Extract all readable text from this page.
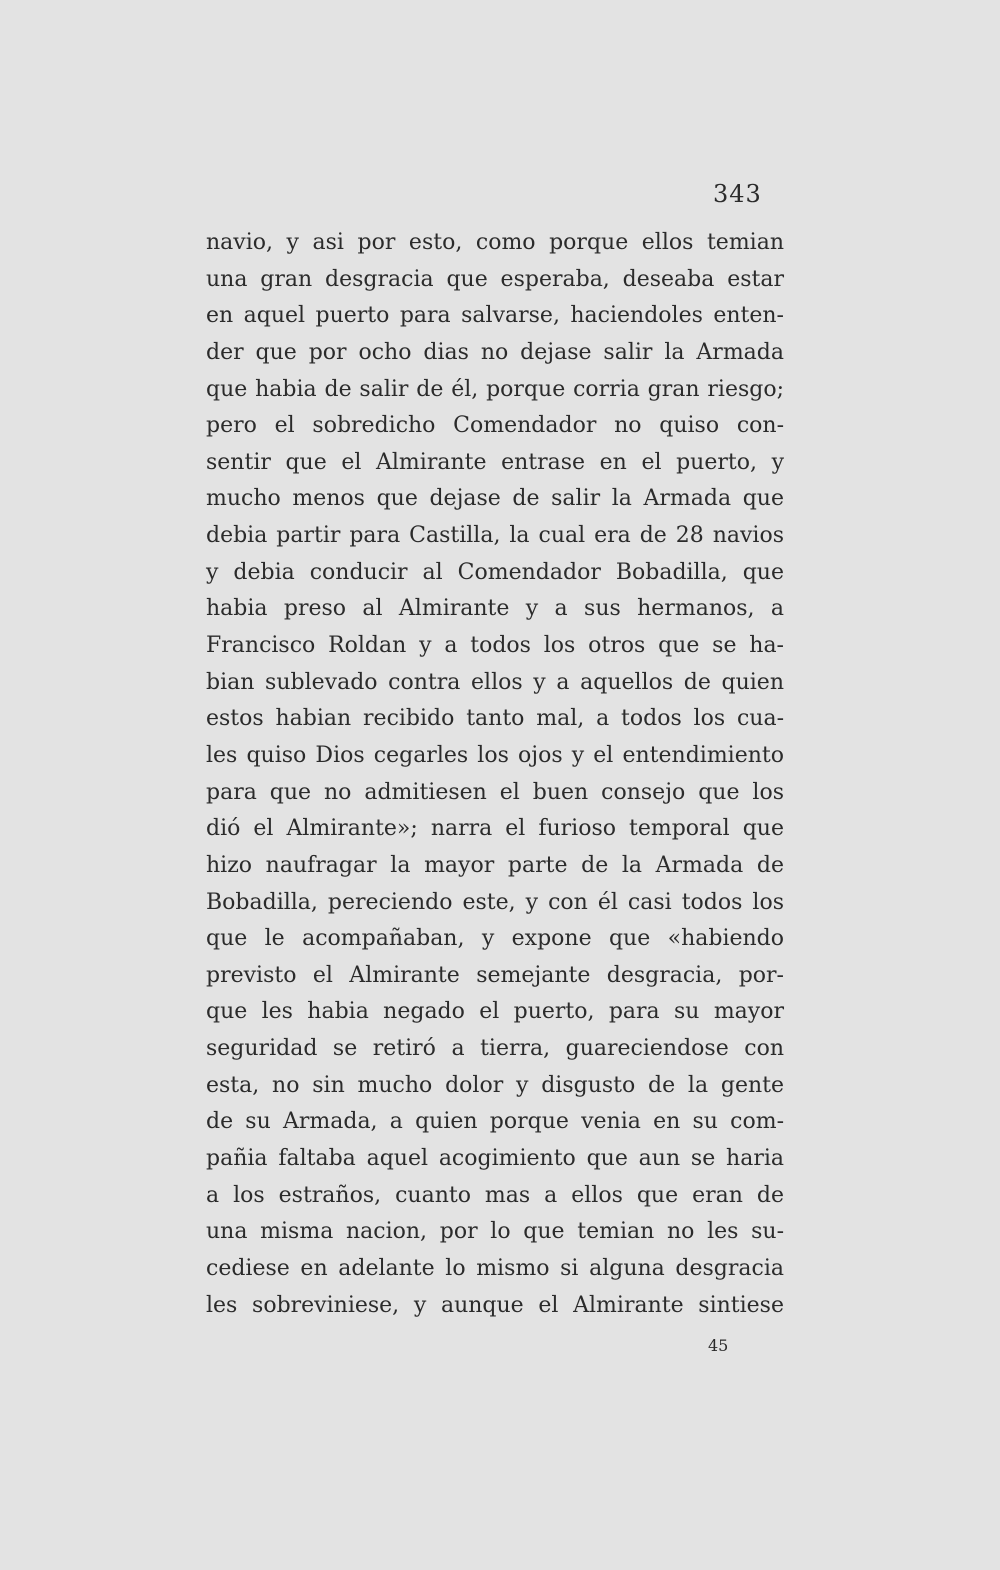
343

navio, y asi por esto, como porque ellos temian
una gran desgracia que esperaba, deseaba estar
en aquel puerto para salvarse, haciendoles enten-
der que por ocho dias no dejase salir la Armada
que habia de salir de él, porque corria gran riesgo;
pero el sobredicho Comendador no quiso con-
sentir que el Almirante entrase en el puerto, y
mucho menos que dejase de salir la Armada que
debia partir para Castilla, la cual era de 28 navios
y debia conducir al Comendador Bobadilla, que
habia preso al Almirante y a sus hermanos, a
Francisco Roldan y a todos los otros que se ha-
bian sublevado contra ellos y a aquellos de quien
estos habian recibido tanto mal, a todos los cua-
les quiso Dios cegarles los ojos y el entendimiento
para que no admitiesen el buen consejo que los
dió el Almirante»; narra el furioso temporal que
hizo naufragar la mayor parte de la Armada de
Bobadilla, pereciendo este, y con él casi todos los
que le acompañaban, y expone que «habiendo
previsto el Almirante semejante desgracia, por-
que les habia negado el puerto, para su mayor
seguridad se retiró a tierra, guareciendose con
esta, no sin mucho dolor y disgusto de la gente
de su Armada, a quien porque venia en su com-
pañia faltaba aquel acogimiento que aun se haria
a los estraños, cuanto mas a ellos que eran de
una misma nacion, por lo que temian no les su-
cediese en adelante lo mismo si alguna desgracia
les sobreviniese, y aunque el Almirante sintiese

45
